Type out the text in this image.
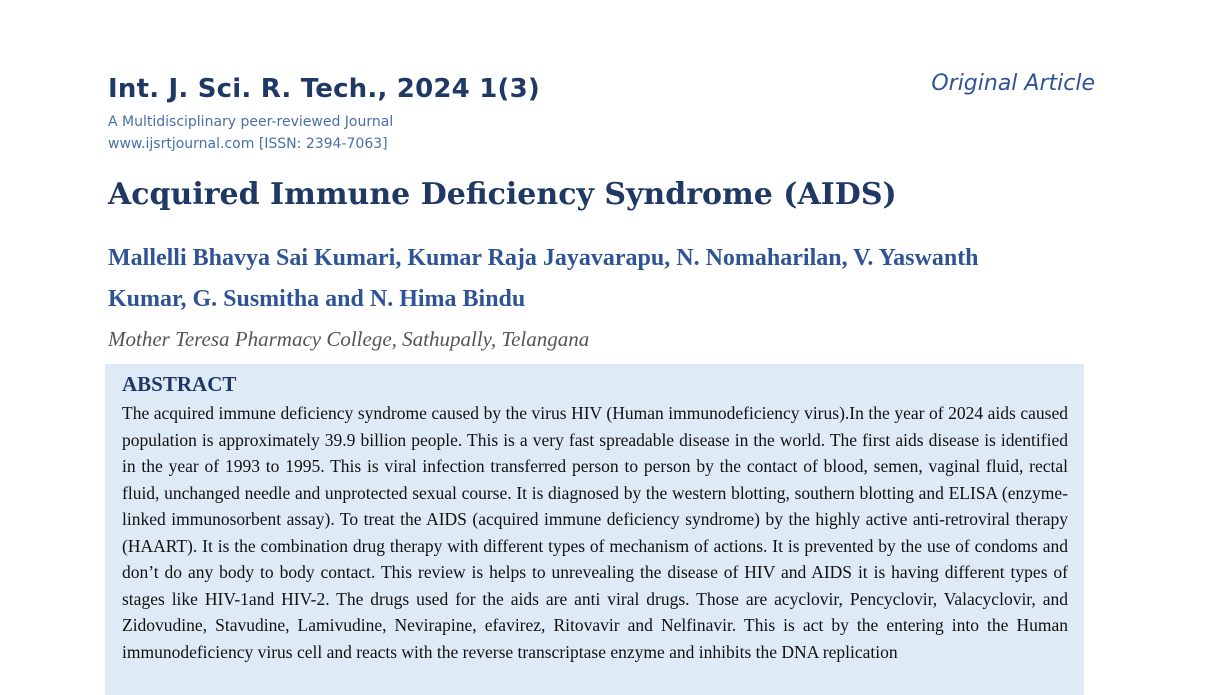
Int. J. Sci. R. Tech., 2024 1(3)	Original Article
A Multidisciplinary peer-reviewed Journal
www.ijsrtjournal.com [ISSN: 2394-7063]
Acquired Immune Deficiency Syndrome (AIDS)
Mallelli Bhavya Sai Kumari, Kumar Raja Jayavarapu, N. Nomaharilan, V. Yaswanth Kumar, G. Susmitha and N. Hima Bindu
Mother Teresa Pharmacy College, Sathupally, Telangana
ABSTRACT

The acquired immune deficiency syndrome caused by the virus HIV (Human immunodeficiency virus).In the year of 2024 aids caused population is approximately 39.9 billion people. This is a very fast spreadable disease in the world. The first aids disease is identified in the year of 1993 to 1995. This is viral infection transferred person to person by the contact of blood, semen, vaginal fluid, rectal fluid, unchanged needle and unprotected sexual course. It is diagnosed by the western blotting, southern blotting and ELISA (enzyme-linked immunosorbent assay). To treat the AIDS (acquired immune deficiency syndrome) by the highly active anti-retroviral therapy (HAART). It is the combination drug therapy with different types of mechanism of actions. It is prevented by the use of condoms and don’t do any body to body contact. This review is helps to unrevealing the disease of HIV and AIDS it is having different types of stages like HIV-1and HIV-2. The drugs used for the aids are anti viral drugs. Those are acyclovir, Pencyclovir, Valacyclovir, and Zidovudine, Stavudine, Lamivudine, Nevirapine, efavirez, Ritovavir and Nelfinavir. This is act by the entering into the Human immunodeficiency virus cell and reacts with the reverse transcriptase enzyme and inhibits the DNA replication
